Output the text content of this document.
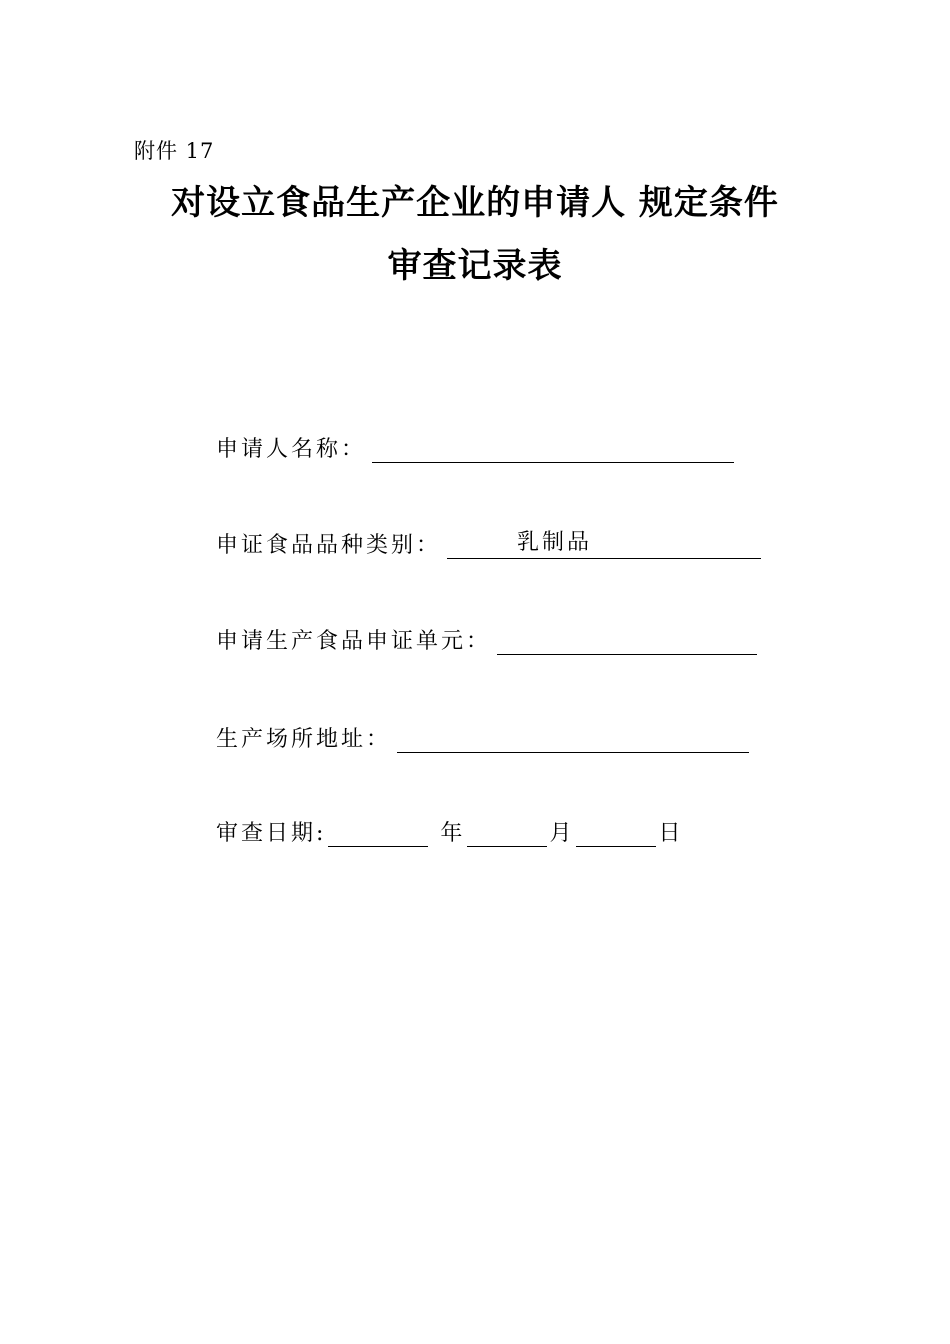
附件 17
对设立食品生产企业的申请人 规定条件
审查记录表
申请人名称：
申证食品品种类别：	乳制品
申请生产食品申证单元：
生产场所地址：
审查日期:	年	月	日
